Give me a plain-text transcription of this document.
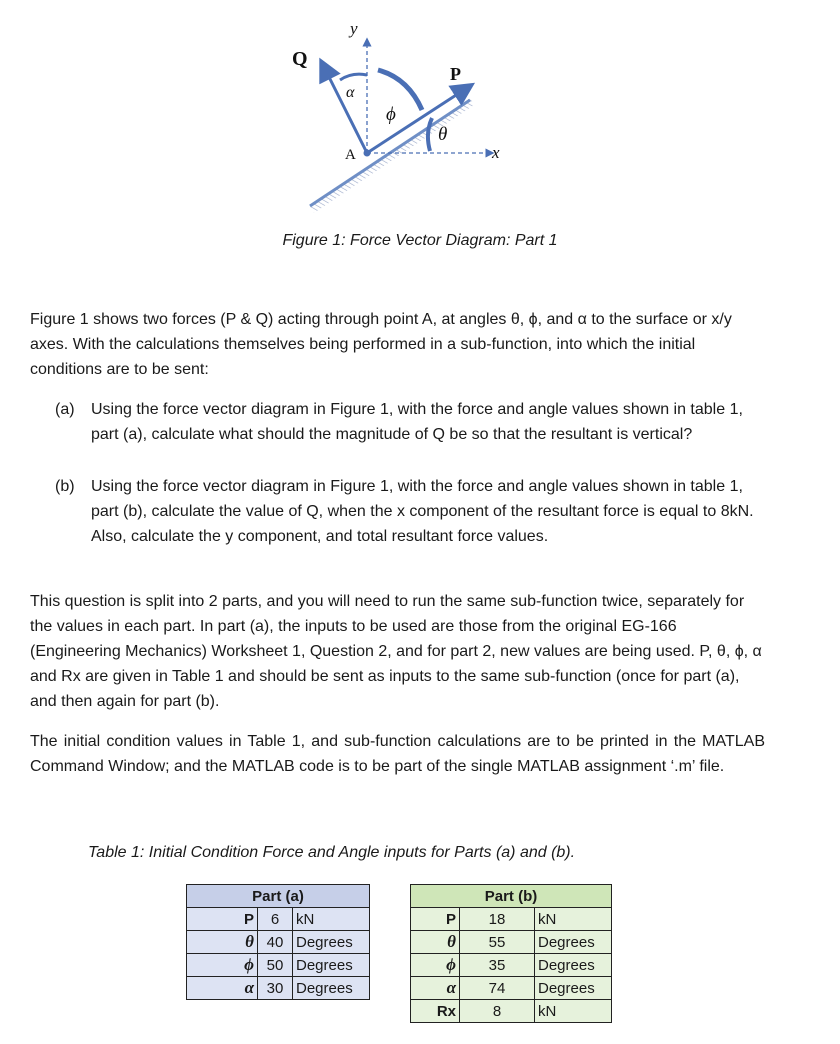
Q
P
y
x
A
α
ϕ
θ
Figure 1: Force Vector Diagram: Part 1
Figure 1 shows two forces (P & Q) acting through point A, at angles θ, ϕ, and α to the surface or x/y axes. With the calculations themselves being performed in a sub-function, into which the initial conditions are to be sent:
(a)	Using the force vector diagram in Figure 1, with the force and angle values shown in table 1, part (a), calculate what should the magnitude of Q be so that the resultant is vertical?
(b)	Using the force vector diagram in Figure 1, with the force and angle values shown in table 1, part (b), calculate the value of Q, when the x component of the resultant force is equal to 8kN. Also, calculate the y component, and total resultant force values.
This question is split into 2 parts, and you will need to run the same sub-function twice, separately for the values in each part. In part (a), the inputs to be used are those from the original EG-166 (Engineering Mechanics) Worksheet 1, Question 2, and for part 2, new values are being used. P, θ, ϕ, α and Rx are given in Table 1 and should be sent as inputs to the same sub-function (once for part (a), and then again for part (b).
The initial condition values in Table 1, and sub-function calculations are to be printed in the MATLAB Command Window; and the MATLAB code is to be part of the single MATLAB assignment ‘.m’ file.
Table 1: Initial Condition Force and Angle inputs for Parts (a) and (b).
Part (a)		
P	6	kN
θ	40	Degrees
ϕ	50	Degrees
α	30	Degrees
Part (b)		
P	18	kN
θ	55	Degrees
ϕ	35	Degrees
α	74	Degrees
Rx	8	kN
